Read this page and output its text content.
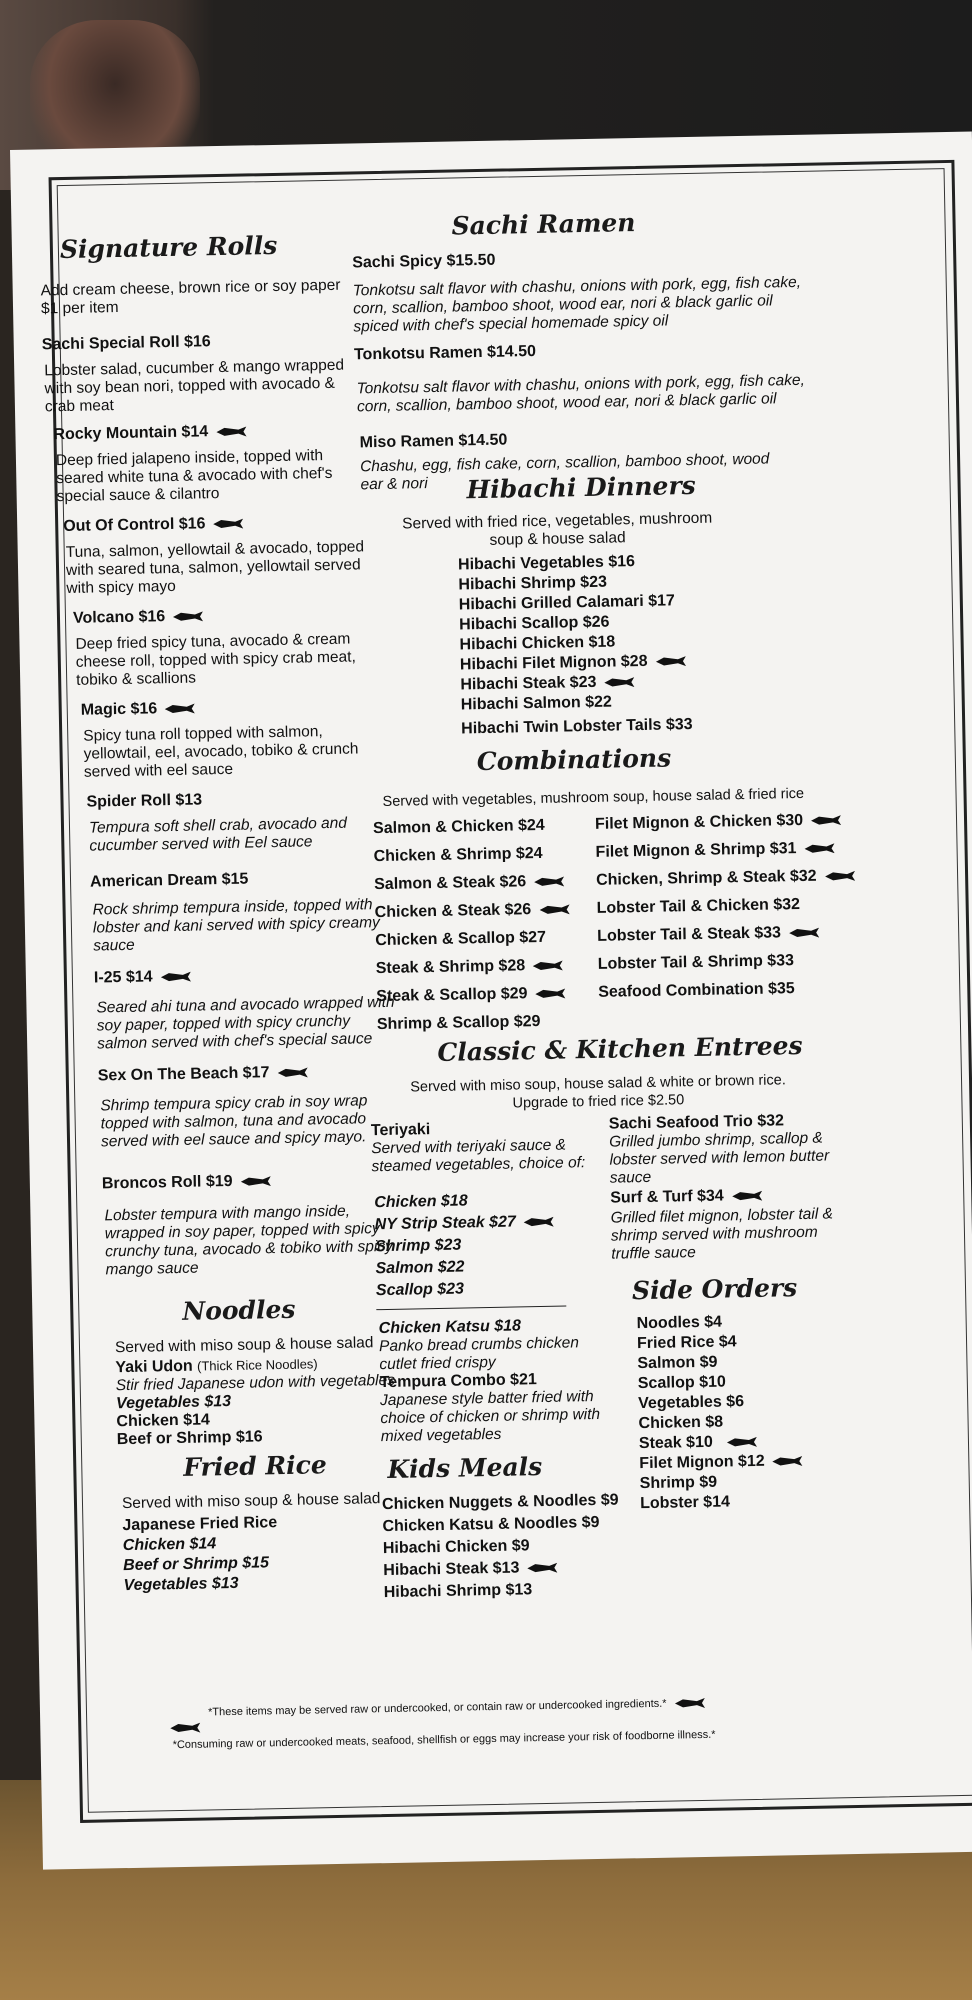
Signature Rolls
Add cream cheese, brown rice or soy paper
$1 per item
Sachi Special Roll $16
Lobster salad, cucumber & mango wrapped
with soy bean nori, topped with avocado &
crab meat
Rocky Mountain $14
Deep fried jalapeno inside, topped with
seared white tuna & avocado with chef's
special sauce & cilantro
Out Of Control $16
Tuna, salmon, yellowtail & avocado, topped
with seared tuna, salmon, yellowtail served
with spicy mayo
Volcano $16
Deep fried spicy tuna, avocado & cream
cheese roll, topped with spicy crab meat,
tobiko & scallions
Magic $16
Spicy tuna roll topped with salmon,
yellowtail, eel, avocado, tobiko & crunch
served with eel sauce
Spider Roll $13
Tempura soft shell crab, avocado and
cucumber served with Eel sauce
American Dream $15
Rock shrimp tempura inside, topped with
lobster and kani served with spicy creamy
sauce
I-25 $14
Seared ahi tuna and avocado wrapped with
soy paper, topped with spicy crunchy
salmon served with chef's special sauce
Sex On The Beach $17
Shrimp tempura spicy crab in soy wrap
topped with salmon, tuna and avocado
served with eel sauce and spicy mayo.
Broncos Roll $19
Lobster tempura with mango inside,
wrapped in soy paper, topped with spicy
crunchy tuna, avocado & tobiko with spicy
mango sauce
Noodles
Served with miso soup & house salad
Yaki Udon (Thick Rice Noodles)
Stir fried Japanese udon with vegetables
Vegetables $13
Chicken $14
Beef or Shrimp $16
Fried Rice
Served with miso soup & house salad
Japanese Fried Rice
Chicken $14
Beef or Shrimp $15
Vegetables $13
Sachi Ramen
Sachi Spicy $15.50
Tonkotsu salt flavor with chashu, onions with pork, egg, fish cake,
corn, scallion, bamboo shoot, wood ear, nori & black garlic oil
spiced with chef's special homemade spicy oil
Tonkotsu Ramen $14.50
Tonkotsu salt flavor with chashu, onions with pork, egg, fish cake,
corn, scallion, bamboo shoot, wood ear, nori & black garlic oil
Miso Ramen $14.50
Chashu, egg, fish cake, corn, scallion, bamboo shoot, wood
ear & nori Hibachi Dinners
Served with fried rice, vegetables, mushroom
soup & house salad
Hibachi Vegetables $16
Hibachi Shrimp $23
Hibachi Grilled Calamari $17
Hibachi Scallop $26
Hibachi Chicken $18
Hibachi Filet Mignon $28
Hibachi Steak $23
Hibachi Salmon $22
Hibachi Twin Lobster Tails $33
Combinations
Served with vegetables, mushroom soup, house salad & fried rice
Salmon & Chicken $24
Chicken & Shrimp $24
Salmon & Steak $26
Chicken & Steak $26
Chicken & Scallop $27
Steak & Shrimp $28
Steak & Scallop $29
Shrimp & Scallop $29
Filet Mignon & Chicken $30
Filet Mignon & Shrimp $31
Chicken, Shrimp & Steak $32
Lobster Tail & Chicken $32
Lobster Tail & Steak $33
Lobster Tail & Shrimp $33
Seafood Combination $35
Classic & Kitchen Entrees
Served with miso soup, house salad & white or brown rice.
Upgrade to fried rice $2.50
Teriyaki
Served with teriyaki sauce &
steamed vegetables, choice of:
Chicken $18
NY Strip Steak $27
Shrimp $23
Salmon $22
Scallop $23
Chicken Katsu $18
Panko bread crumbs chicken
cutlet fried crispy
Tempura Combo $21
Japanese style batter fried with
choice of chicken or shrimp with
mixed vegetables
Sachi Seafood Trio $32
Grilled jumbo shrimp, scallop &
lobster served with lemon butter
sauce
Surf & Turf $34
Grilled filet mignon, lobster tail &
shrimp served with mushroom
truffle sauce
Side Orders
Noodles $4
Fried Rice $4
Salmon $9
Scallop $10
Vegetables $6
Chicken $8
Steak $10
Filet Mignon $12
Shrimp $9
Lobster $14
Kids Meals
Chicken Nuggets & Noodles $9
Chicken Katsu & Noodles $9
Hibachi Chicken $9
Hibachi Steak $13
Hibachi Shrimp $13
*These items may be served raw or undercooked, or contain raw or undercooked ingredients.*
*Consuming raw or undercooked meats, seafood, shellfish or eggs may increase your risk of foodborne illness.*
